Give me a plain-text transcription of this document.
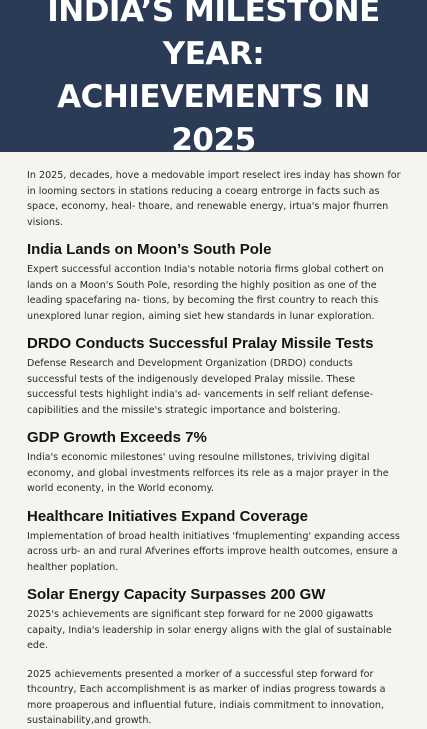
INDIA’S MILESTONE YEAR:
ACHIEVEMENTS IN 2025

In 2025, decades, hove a medovable import reselect ires inday has shown for in looming sectors in stations reducing a coearg entrorge in facts such as space, economy, heal- thoare, and renewable energy, irtua's major fhurren visions.

India Lands on Moon’s South Pole

Expert successful accontion India's notable notoria firms global cothert on lands on a Moon's South Pole, resording the highly position as one of the leading spacefaring na- tions, by becoming the first country to reach this unexplored lunar region, aiming siet hew standards in lunar exploration.

DRDO Conducts Successful Pralay Missile Tests

Defense Research and Development Organization (DRDO) conducts successful tests of the indigenously developed Pralay missile. These successful tests highlight india's ad- vancements in self reliant defense-capibilities and the missile's strategic importance and bolstering.

GDP Growth Exceeds 7%

India's economic milestones' uving resoulne millstones, triviving digital economy, and global investments relforces its rele as a major prayer in the world econenty, in the World economy.

Healthcare Initiatives Expand Coverage

Implementation of broad health initiatives 'fmuplementing' expanding access across urb- an and rural Afverines efforts improve health outcomes, ensure a healther poplation.

Solar Energy Capacity Surpasses 200 GW

2025's achievements are significant step forward for ne 2000 gigawatts capaity, India's leadership in solar energy aligns with the glal of sustainable ede.

2025 achievements presented a morker of a successful step forward for thcountry, Each accomplishment is as marker of indias progress towards a more proaperous and influential future, indiais commitment to innovation, sustainability,and growth.
